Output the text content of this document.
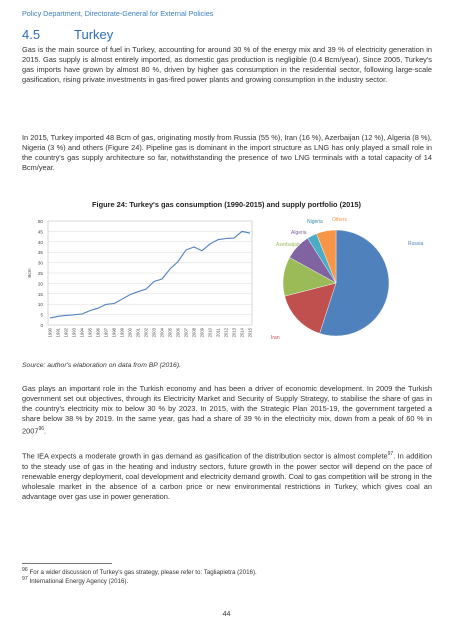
Policy Department, Directorate-General for External Policies
4.5	Turkey
Gas is the main source of fuel in Turkey, accounting for around 30 % of the energy mix and 39 % of electricity generation in 2015. Gas supply is almost entirely imported, as domestic gas production is negligible (0.4 Bcm/year). Since 2005, Turkey's gas imports have grown by almost 80 %, driven by higher gas consumption in the residential sector, following large-scale gasification, rising private investments in gas-fired power plants and growing consumption in the industry sector.
In 2015, Turkey imported 48 Bcm of gas, originating mostly from Russia (55 %), Iran (16 %), Azerbaijan (12 %), Algeria (8 %), Nigeria (3 %) and others (Figure 24). Pipeline gas is dominant in the import structure as LNG has only played a small role in the country's gas supply architecture so far, notwithstanding the presence of two LNG terminals with a total capacity of 14 Bcm/year.
Figure 24: Turkey's gas consumption (1990-2015) and supply portfolio (2015)
0
5
10
15
20
25
30
35
40
45
50
Bcm
1990 1991 1992 1993 1994 1995 1996 1997 1998 1999 2000 2001 2002 2003 2004 2005 2006 2007 2008 2009 2010 2011 2012 2013 2014 2015
Russia
Iran
Azerbaijan
Algeria
Nigeria Others
Source: author's elaboration on data from BP (2016).
Gas plays an important role in the Turkish economy and has been a driver of economic development. In 2009 the Turkish government set out objectives, through its Electricity Market and Security of Supply Strategy, to stabilise the share of gas in the country's electricity mix to below 30 % by 2023. In 2015, with the Strategic Plan 2015-19, the government targeted a share below 38 % by 2019. In the same year, gas had a share of 39 % in the electricity mix, down from a peak of 60 % in 2007$^{96}$.
The IEA expects a moderate growth in gas demand as gasification of the distribution sector is almost complete$^{97}$. In addition to the steady use of gas in the heating and industry sectors, future growth in the power sector will depend on the pace of renewable energy deployment, coal development and electricity demand growth. Coal to gas competition will be strong in the wholesale market in the absence of a carbon price or new environmental restrictions in Turkey, which gives coal an advantage over gas use in power generation.
$^{96}$ For a wider discussion of Turkey's gas strategy, please refer to: Tagliapietra (2016).
$^{97}$ International Energy Agency (2016).
44
